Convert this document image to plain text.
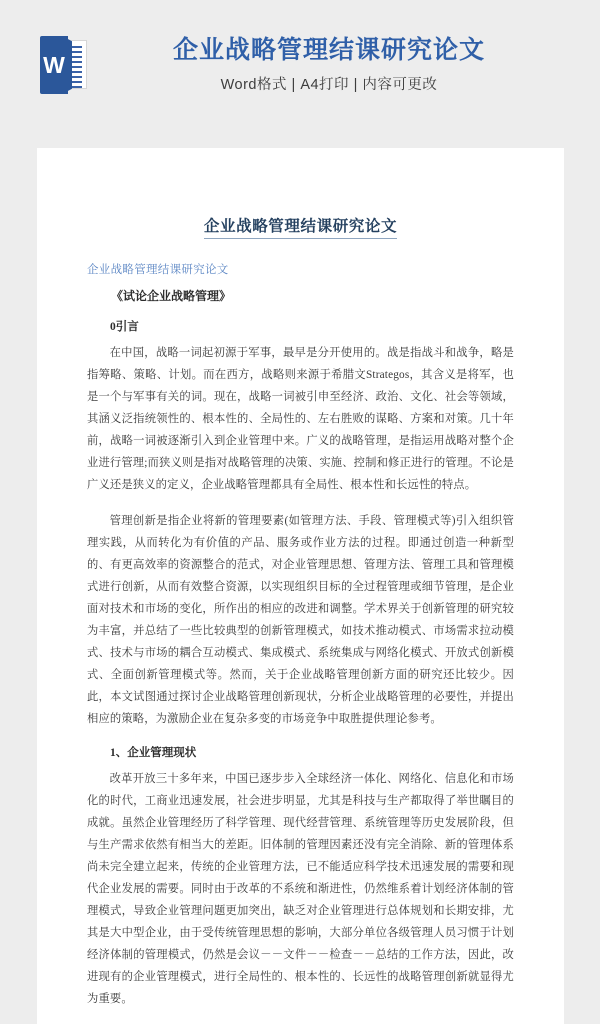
W
企业战略管理结课研究论文
Word格式 | A4打印 | 内容可更改
企业战略管理结课研究论文
企业战略管理结课研究论文
《试论企业战略管理》
0引言

在中国，战略一词起初源于军事，最早是分开使用的。战是指战斗和战争，略是指筹略、策略、计划。而在西方，战略则来源于希腊文Strategos，其含义是将军，也是一个与军事有关的词。现在，战略一词被引申至经济、政治、文化、社会等领域，其涵义泛指统领性的、根本性的、全局性的、左右胜败的谋略、方案和对策。几十年前，战略一词被逐渐引入到企业管理中来。广义的战略管理，是指运用战略对整个企业进行管理;而狭义则是指对战略管理的决策、实施、控制和修正进行的管理。不论是广义还是狭义的定义，企业战略管理都具有全局性、根本性和长远性的特点。

管理创新是指企业将新的管理要素(如管理方法、手段、管理模式等)引入组织管理实践，从而转化为有价值的产品、服务或作业方法的过程。即通过创造一种新型的、有更高效率的资源整合的范式，对企业管理思想、管理方法、管理工具和管理模式进行创新，从而有效整合资源，以实现组织目标的全过程管理或细节管理，是企业面对技术和市场的变化，所作出的相应的改进和调整。学术界关于创新管理的研究较为丰富，并总结了一些比较典型的创新管理模式，如技术推动模式、市场需求拉动模式、技术与市场的耦合互动模式、集成模式、系统集成与网络化模式、开放式创新模式、全面创新管理模式等。然而，关于企业战略管理创新方面的研究还比较少。因此，本文试图通过探讨企业战略管理创新现状，分析企业战略管理的必要性，并提出相应的策略，为激励企业在复杂多变的市场竞争中取胜提供理论参考。

1、企业管理现状

改革开放三十多年来，中国已逐步步入全球经济一体化、网络化、信息化和市场化的时代，工商业迅速发展，社会进步明显，尤其是科技与生产都取得了举世瞩目的成就。虽然企业管理经历了科学管理、现代经营管理、系统管理等历史发展阶段，但与生产需求依然有相当大的差距。旧体制的管理因素还没有完全消除、新的管理体系尚未完全建立起来，传统的企业管理方法，已不能适应科学技术迅速发展的需要和现代企业发展的需要。同时由于改革的不系统和渐进性，仍然维系着计划经济体制的管理模式，导致企业管理问题更加突出，缺乏对企业管理进行总体规划和长期安排，尤其是大中型企业，由于受传统管理思想的影响，大部分单位各级管理人员习惯于计划经济体制的管理模式，仍然是会议－－文件－－检查－－总结的工作方法，因此，改进现有的企业管理模式，进行全局性的、根本性的、长远性的战略管理创新就显得尤为重要。
